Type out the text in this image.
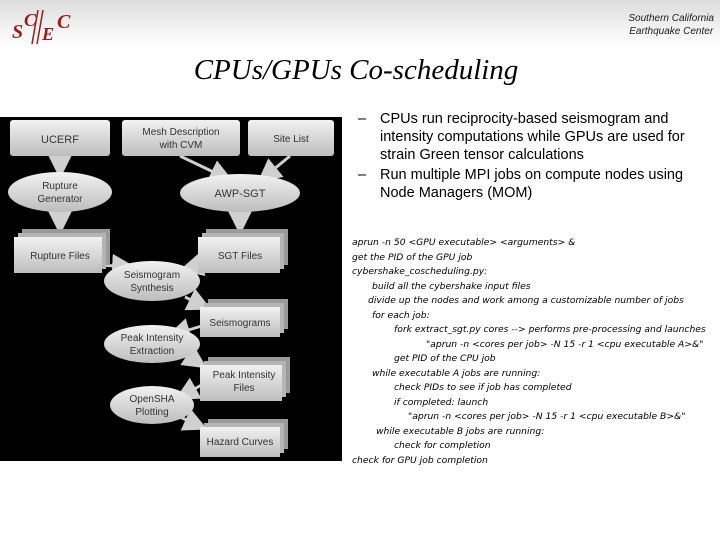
S
C
E
C	Southern California
Earthquake Center
CPUs/GPUs Co-scheduling
UCERF
Mesh Description
with CVM
Site List
Rupture
Generator	AWP-SGT
Rupture Files	SGT Files
Seismogram
Synthesis
Seismograms
Peak Intensity
Extraction
Peak Intensity
Files
OpenSHA
Plotting
Hazard Curves
– CPUs run reciprocity-based seismogram and intensity computations while GPUs are used for strain Green tensor calculations
– Run multiple MPI jobs on compute nodes using Node Managers (MOM)
aprun -n 50 <GPU executable> <arguments> &
get the PID of the GPU job
cybershake_coscheduling.py:
build all the cybershake input files
divide up the nodes and work among a customizable number of jobs
for each job:
fork extract_sgt.py cores --> performs pre-processing and launches
"aprun -n <cores per job> -N 15 -r 1 <cpu executable A>&"
get PID of the CPU job
while executable A jobs are running:
check PIDs to see if job has completed
if completed: launch
"aprun -n <cores per job> -N 15 -r 1 <cpu executable B>&"
while executable B jobs are running:
check for completion
check for GPU job completion
